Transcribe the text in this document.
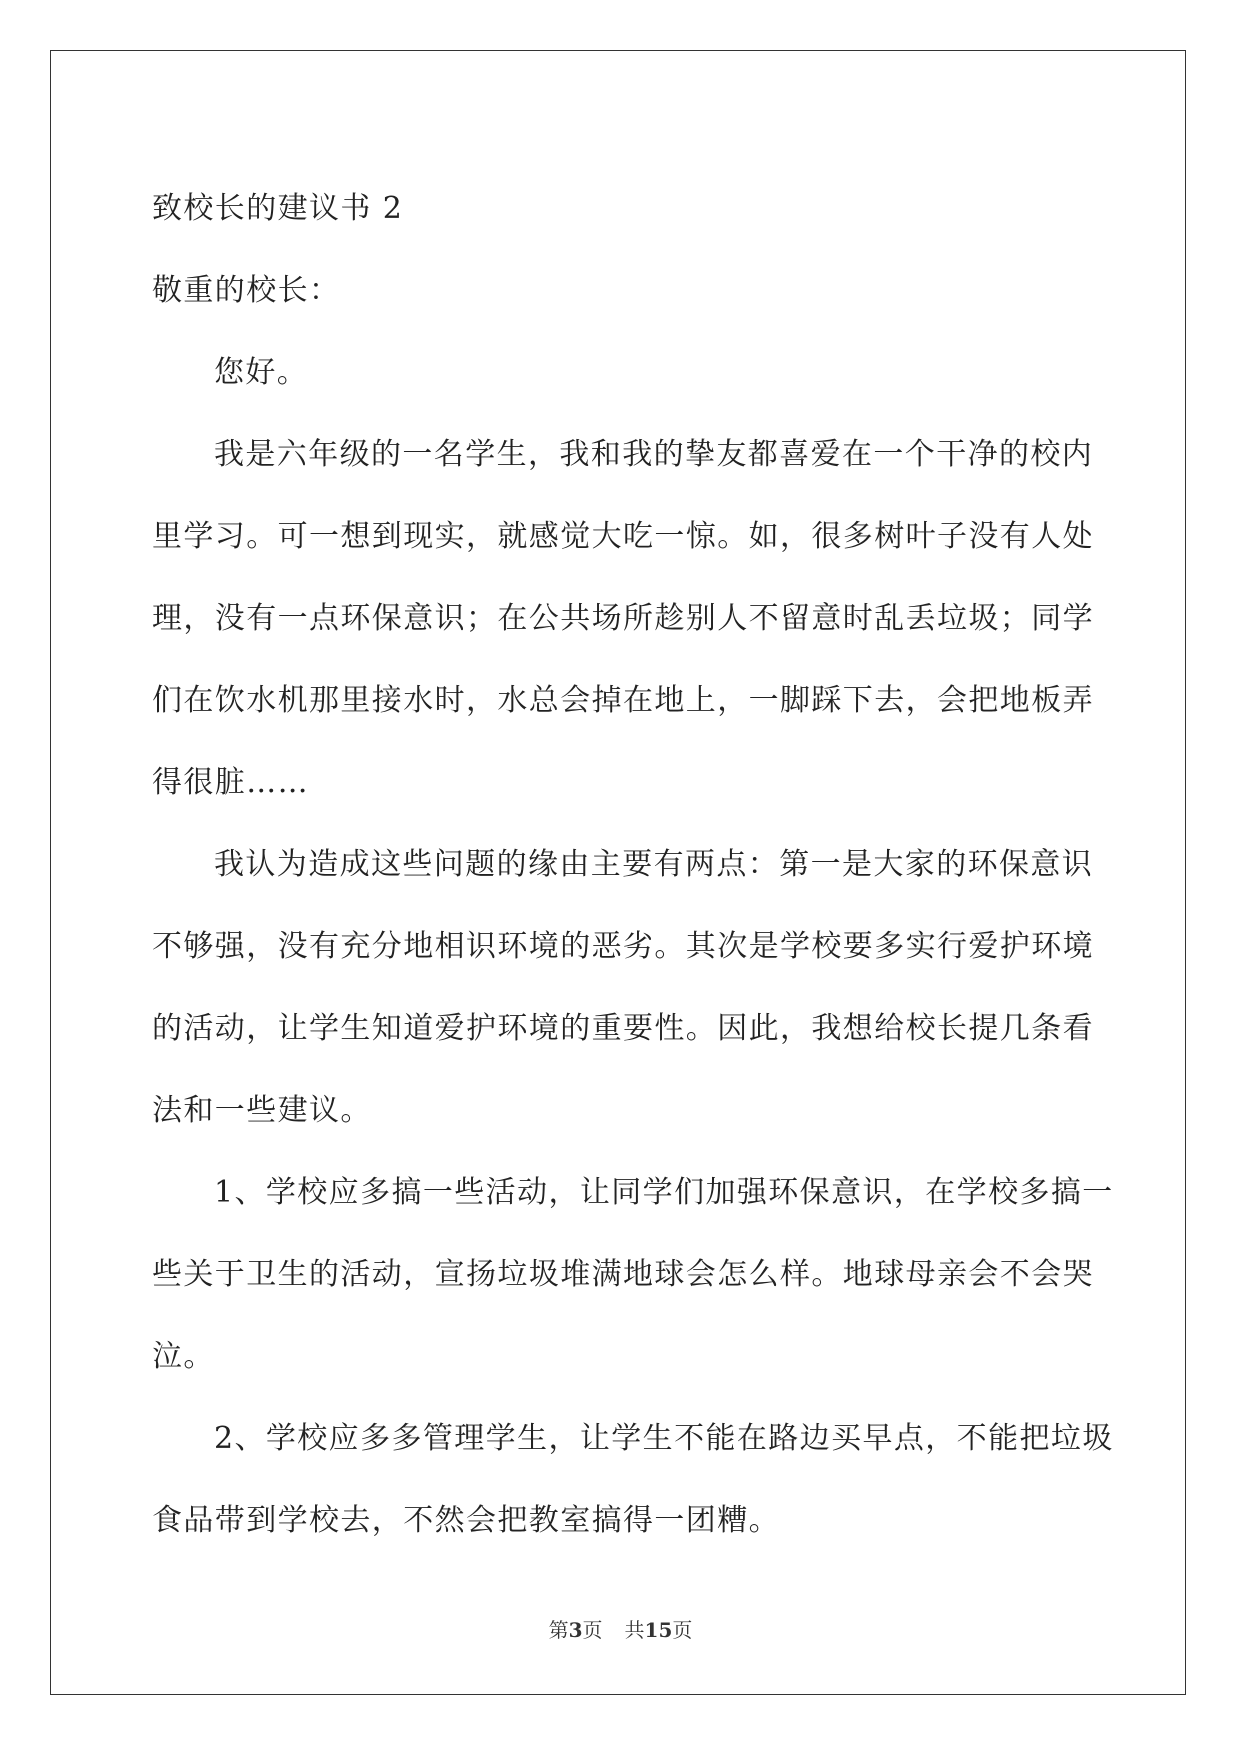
致校长的建议书 2
敬重的校长：
您好。
我是六年级的一名学生，我和我的挚友都喜爱在一个干净的校内
里学习。可一想到现实，就感觉大吃一惊。如，很多树叶子没有人处
理，没有一点环保意识；在公共场所趁别人不留意时乱丢垃圾；同学
们在饮水机那里接水时，水总会掉在地上，一脚踩下去，会把地板弄
得很脏……
我认为造成这些问题的缘由主要有两点：第一是大家的环保意识
不够强，没有充分地相识环境的恶劣。其次是学校要多实行爱护环境
的活动，让学生知道爱护环境的重要性。因此，我想给校长提几条看
法和一些建议。
1、学校应多搞一些活动，让同学们加强环保意识，在学校多搞一
些关于卫生的活动，宣扬垃圾堆满地球会怎么样。地球母亲会不会哭
泣。
2、学校应多多管理学生，让学生不能在路边买早点，不能把垃圾
食品带到学校去，不然会把教室搞得一团糟。
第3页 共15页
